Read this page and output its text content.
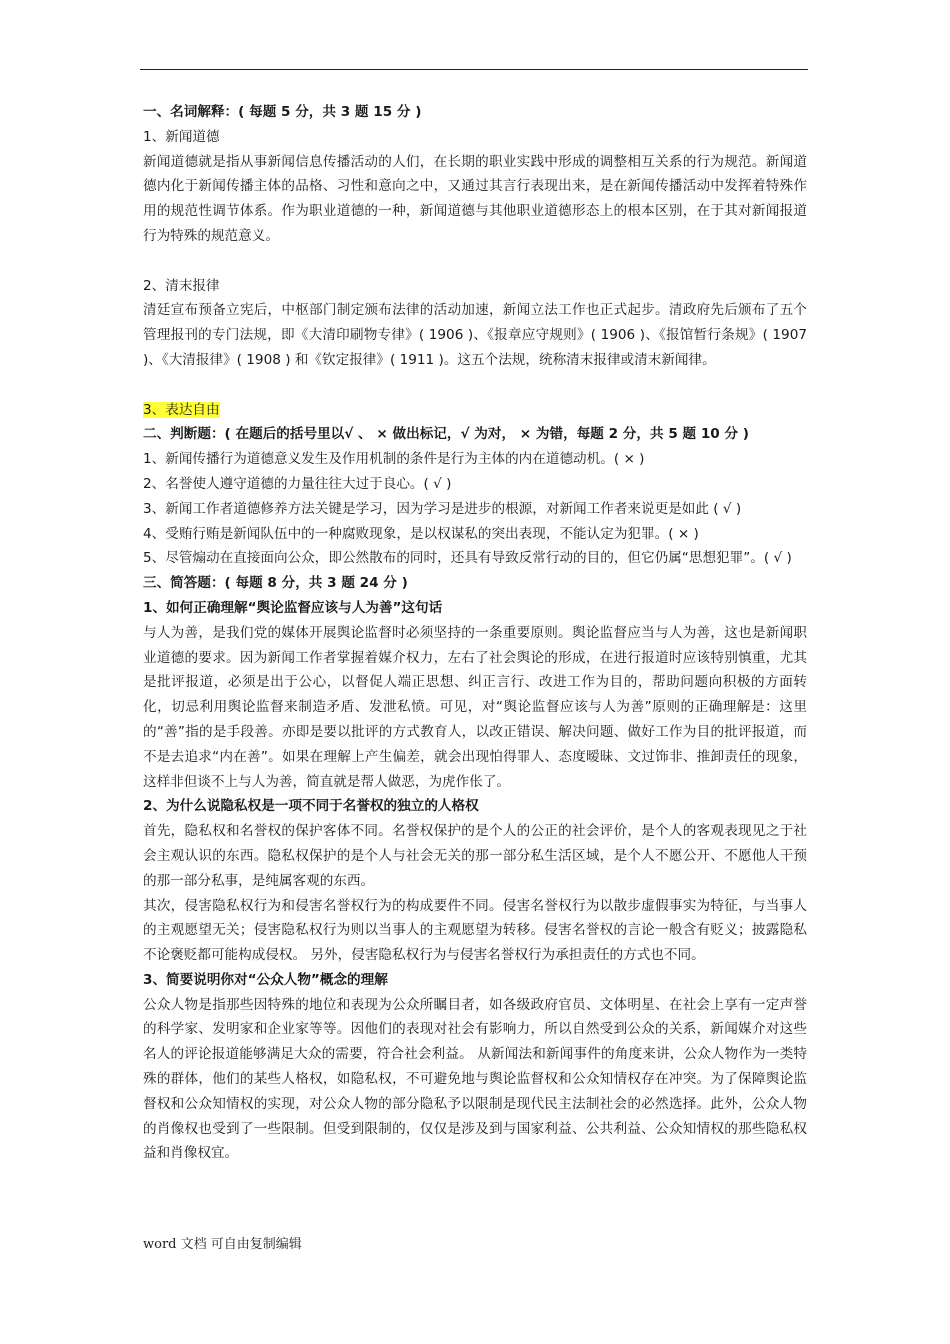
一、名词解释：( 每题 5 分，共 3 题 15 分 )

1、新闻道德

新闻道德就是指从事新闻信息传播活动的人们，在长期的职业实践中形成的调整相互关系的行为规范。新闻道德内化于新闻传播主体的品格、习性和意向之中，又通过其言行表现出来，是在新闻传播活动中发挥着特殊作用的规范性调节体系。作为职业道德的一种，新闻道德与其他职业道德形态上的根本区别，在于其对新闻报道行为特殊的规范意义。

2、清末报律

清廷宣布预备立宪后，中枢部门制定颁布法律的活动加速，新闻立法工作也正式起步。清政府先后颁布了五个管理报刊的专门法规，即《大清印刷物专律》( 1906 )、《报章应守规则》( 1906 )、《报馆暂行条规》( 1907 )、《大清报律》( 1908 ) 和《钦定报律》( 1911 )。这五个法规，统称清末报律或清末新闻律。

3、表达自由

二、判断题：( 在题后的括号里以√ 、 × 做出标记，√ 为对， × 为错，每题 2 分，共 5 题 10 分 )

1、新闻传播行为道德意义发生及作用机制的条件是行为主体的内在道德动机。( × )

2、名誉使人遵守道德的力量往往大过于良心。( √ )

3、新闻工作者道德修养方法关键是学习，因为学习是进步的根源，对新闻工作者来说更是如此 ( √ )

4、受贿行贿是新闻队伍中的一种腐败现象，是以权谋私的突出表现，不能认定为犯罪。( × )

5、尽管煽动在直接面向公众，即公然散布的同时，还具有导致反常行动的目的，但它仍属“思想犯罪”。( √ )

三、简答题：( 每题 8 分，共 3 题 24 分 )

1、如何正确理解“舆论监督应该与人为善”这句话

与人为善，是我们党的媒体开展舆论监督时必须坚持的一条重要原则。舆论监督应当与人为善，这也是新闻职业道德的要求。因为新闻工作者掌握着媒介权力，左右了社会舆论的形成，在进行报道时应该特别慎重，尤其是批评报道，必须是出于公心，以督促人端正思想、纠正言行、改进工作为目的，帮助问题向积极的方面转化，切忌利用舆论监督来制造矛盾、发泄私愤。可见，对“舆论监督应该与人为善”原则的正确理解是：这里的“善”指的是手段善。亦即是要以批评的方式教育人，以改正错误、解决问题、做好工作为目的批评报道，而不是去追求“内在善”。如果在理解上产生偏差，就会出现怕得罪人、态度暧昧、文过饰非、推卸责任的现象，这样非但谈不上与人为善，简直就是帮人做恶，为虎作伥了。

2、为什么说隐私权是一项不同于名誉权的独立的人格权

首先，隐私权和名誉权的保护客体不同。名誉权保护的是个人的公正的社会评价，是个人的客观表现见之于社会主观认识的东西。隐私权保护的是个人与社会无关的那一部分私生活区域，是个人不愿公开、不愿他人干预的那一部分私事，是纯属客观的东西。

其次，侵害隐私权行为和侵害名誉权行为的构成要件不同。侵害名誉权行为以散步虚假事实为特征，与当事人的主观愿望无关；侵害隐私权行为则以当事人的主观愿望为转移。侵害名誉权的言论一般含有贬义；披露隐私不论褒贬都可能构成侵权。 另外，侵害隐私权行为与侵害名誉权行为承担责任的方式也不同。

3、简要说明你对“公众人物”概念的理解

公众人物是指那些因特殊的地位和表现为公众所瞩目者，如各级政府官员、文体明星、在社会上享有一定声誉的科学家、发明家和企业家等等。因他们的表现对社会有影响力，所以自然受到公众的关系，新闻媒介对这些名人的评论报道能够满足大众的需要，符合社会利益。 从新闻法和新闻事件的角度来讲，公众人物作为一类特殊的群体，他们的某些人格权，如隐私权，不可避免地与舆论监督权和公众知情权存在冲突。为了保障舆论监督权和公众知情权的实现，对公众人物的部分隐私予以限制是现代民主法制社会的必然选择。此外，公众人物的肖像权也受到了一些限制。但受到限制的，仅仅是涉及到与国家利益、公共利益、公众知情权的那些隐私权益和肖像权宜。

word 文档 可自由复制编辑
